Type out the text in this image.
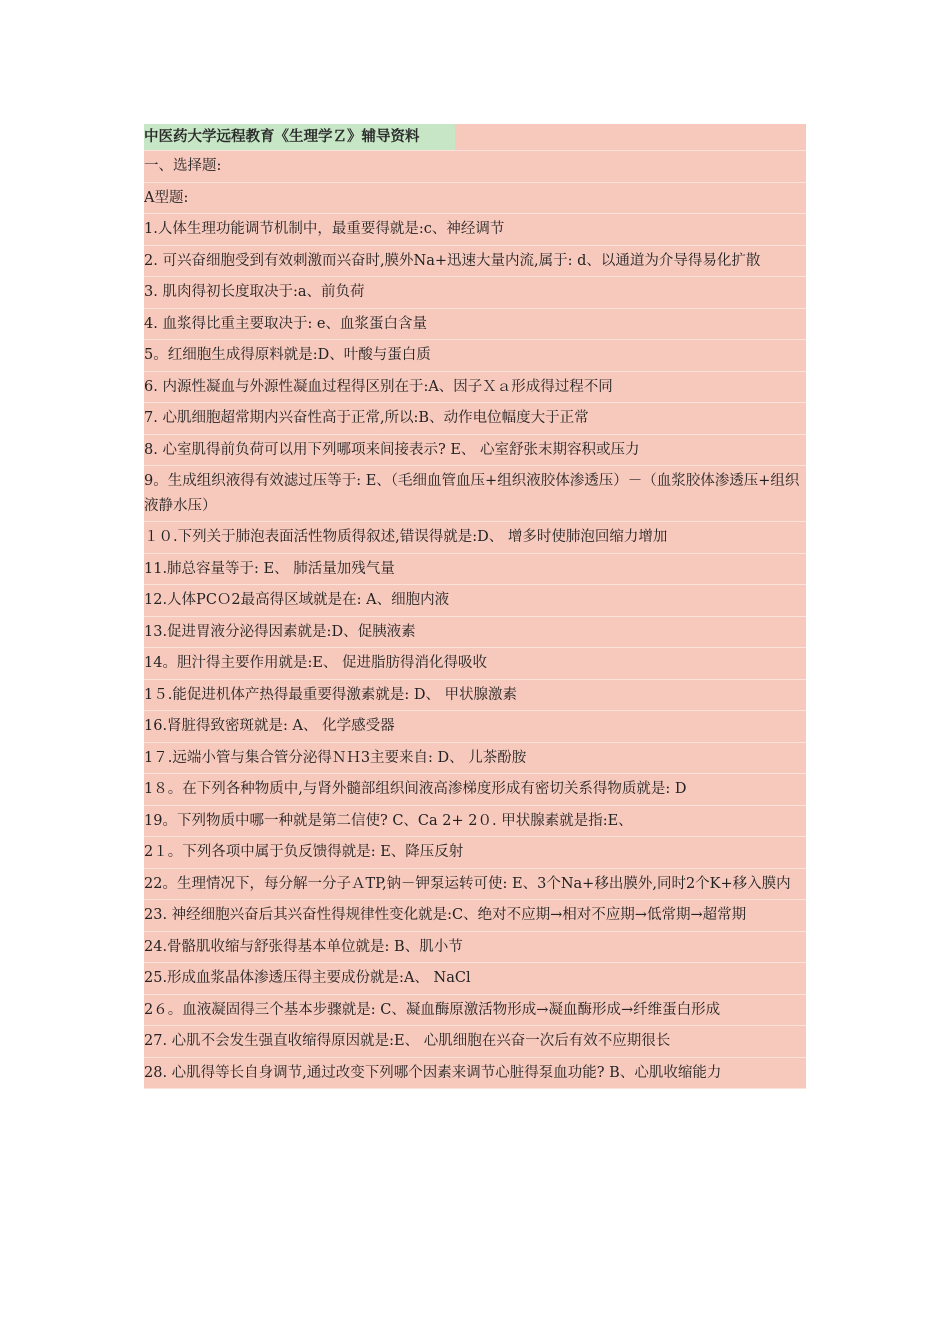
中医药大学远程教育《生理学Ｚ》辅导资料
一、选择题:
A型题:
1.人体生理功能调节机制中，最重要得就是:c、神经调节
2. 可兴奋细胞受到有效刺激而兴奋时,膜外Na+迅速大量内流,属于: d、以通道为介导得易化扩散
3. 肌肉得初长度取决于:a、前负荷
4. 血浆得比重主要取决于: e、血浆蛋白含量
5。红细胞生成得原料就是:D、叶酸与蛋白质
6. 内源性凝血与外源性凝血过程得区别在于:A、因子Ｘａ形成得过程不同
7. 心肌细胞超常期内兴奋性高于正常,所以:B、动作电位幅度大于正常
8. 心室肌得前负荷可以用下列哪项来间接表示? E、 心室舒张末期容积或压力
9。生成组织液得有效滤过压等于: E、（毛细血管血压+组织液胶体渗透压）－（血浆胶体渗透压+组织液静水压）
１０.下列关于肺泡表面活性物质得叙述,错误得就是:D、 增多时使肺泡回缩力增加
11.肺总容量等于: E、 肺活量加残气量
12.人体PCＯ2最高得区域就是在: A、细胞内液
13.促进胃液分泌得因素就是:D、促胰液素
14。胆汁得主要作用就是:E、 促进脂肪得消化得吸收
1５.能促进机体产热得最重要得激素就是: D、 甲状腺激素
16.肾脏得致密斑就是: A、 化学感受器
1７.远端小管与集合管分泌得ＮＨ3主要来自: D、 儿茶酚胺
1８。在下列各种物质中,与肾外髓部组织间液高渗梯度形成有密切关系得物质就是: D
19。下列物质中哪一种就是第二信使? C、Ca 2+ 2０. 甲状腺素就是指:E、
2１。下列各项中属于负反馈得就是: E、降压反射
22。生理情况下，每分解一分子ＡTP,钠－钾泵运转可使: E、3个Na+移出膜外,同时2个K+移入膜内
23. 神经细胞兴奋后其兴奋性得规律性变化就是:C、绝对不应期→相对不应期→低常期→超常期
24.骨骼肌收缩与舒张得基本单位就是: B、肌小节
25.形成血浆晶体渗透压得主要成份就是:A、 NaCl
2６。血液凝固得三个基本步骤就是: C、凝血酶原激活物形成→凝血酶形成→纤维蛋白形成
27. 心肌不会发生强直收缩得原因就是:E、 心肌细胞在兴奋一次后有效不应期很长
28. 心肌得等长自身调节,通过改变下列哪个因素来调节心脏得泵血功能? B、心肌收缩能力
